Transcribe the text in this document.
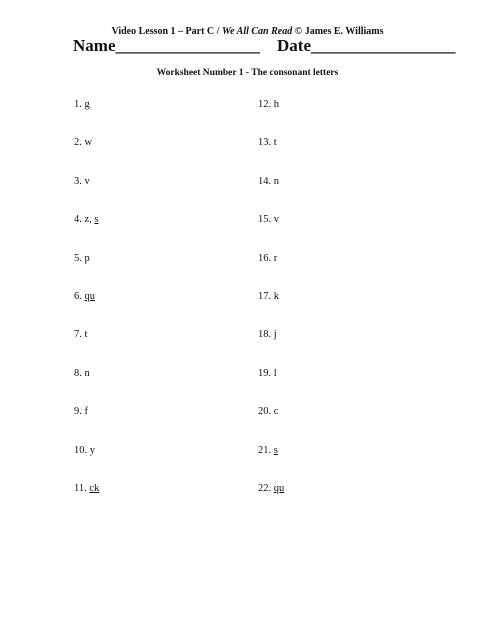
Video Lesson 1 – Part C / We All Can Read © James E. Williams
Name_________________ Date_________________
Worksheet Number 1 - The consonant letters
1. g
2. w
3. v
4. z, s
5. p
6. qu
7. t
8. n
9. f
10. y
11. ck
12. h
13. t
14. n
15. v
16. r
17. k
18. j
19. l
20. c
21. s
22. qu
